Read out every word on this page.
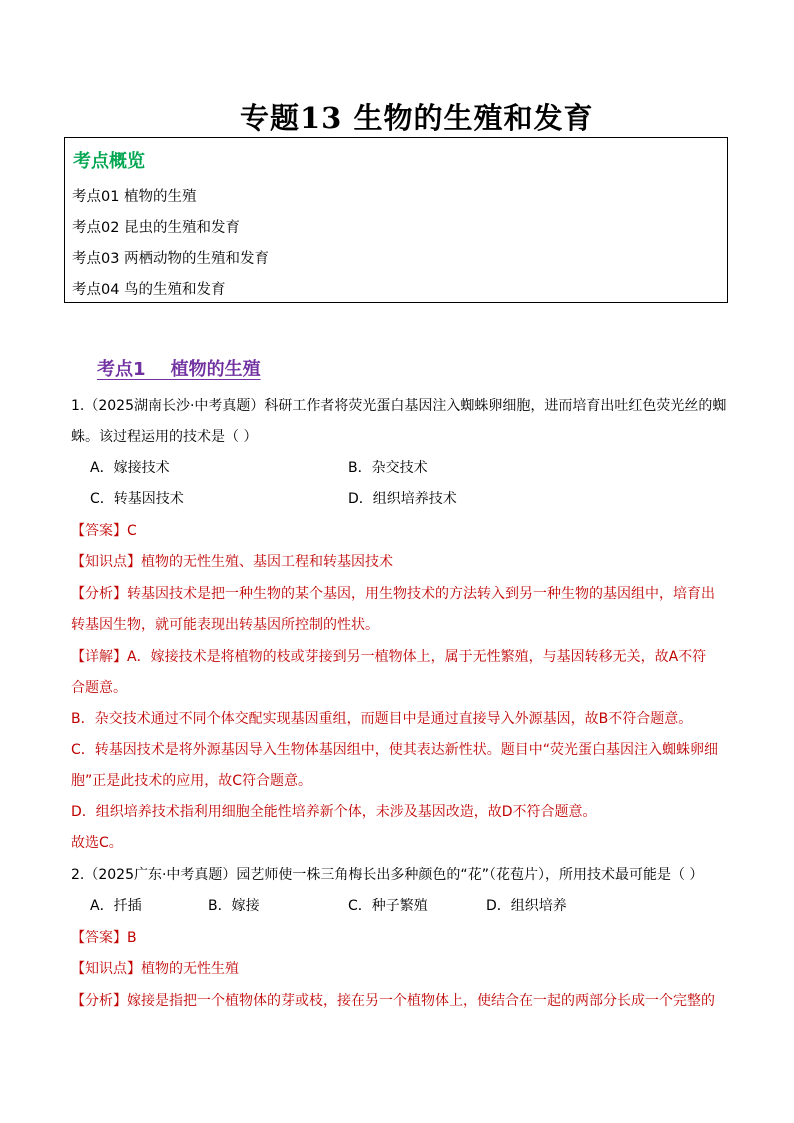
专题13 生物的生殖和发育
考点概览
考点01 植物的生殖
考点02 昆虫的生殖和发育
考点03 两栖动物的生殖和发育
考点04 鸟的生殖和发育
考点1    植物的生殖
1.（2025湖南长沙·中考真题）科研工作者将荧光蛋白基因注入蜘蛛卵细胞，进而培育出吐红色荧光丝的蜘
蛛。该过程运用的技术是（ ）
A．嫁接技术	B．杂交技术
C．转基因技术	D．组织培养技术
【答案】C
【知识点】植物的无性生殖、基因工程和转基因技术
【分析】转基因技术是把一种生物的某个基因，用生物技术的方法转入到另一种生物的基因组中，培育出
转基因生物，就可能表现出转基因所控制的性状。
【详解】A．嫁接技术是将植物的枝或芽接到另一植物体上，属于无性繁殖，与基因转移无关，故A不符
合题意。
B．杂交技术通过不同个体交配实现基因重组，而题目中是通过直接导入外源基因，故B不符合题意。
C．转基因技术是将外源基因导入生物体基因组中，使其表达新性状。题目中“荧光蛋白基因注入蜘蛛卵细
胞”正是此技术的应用，故C符合题意。
D．组织培养技术指利用细胞全能性培养新个体，未涉及基因改造，故D不符合题意。
故选C。
2.（2025广东·中考真题）园艺师使一株三角梅长出多种颜色的“花”（花苞片），所用技术最可能是（ ）
A．扦插	B．嫁接	C．种子繁殖	D．组织培养
【答案】B
【知识点】植物的无性生殖
【分析】嫁接是指把一个植物体的芽或枝，接在另一个植物体上，使结合在一起的两部分长成一个完整的
